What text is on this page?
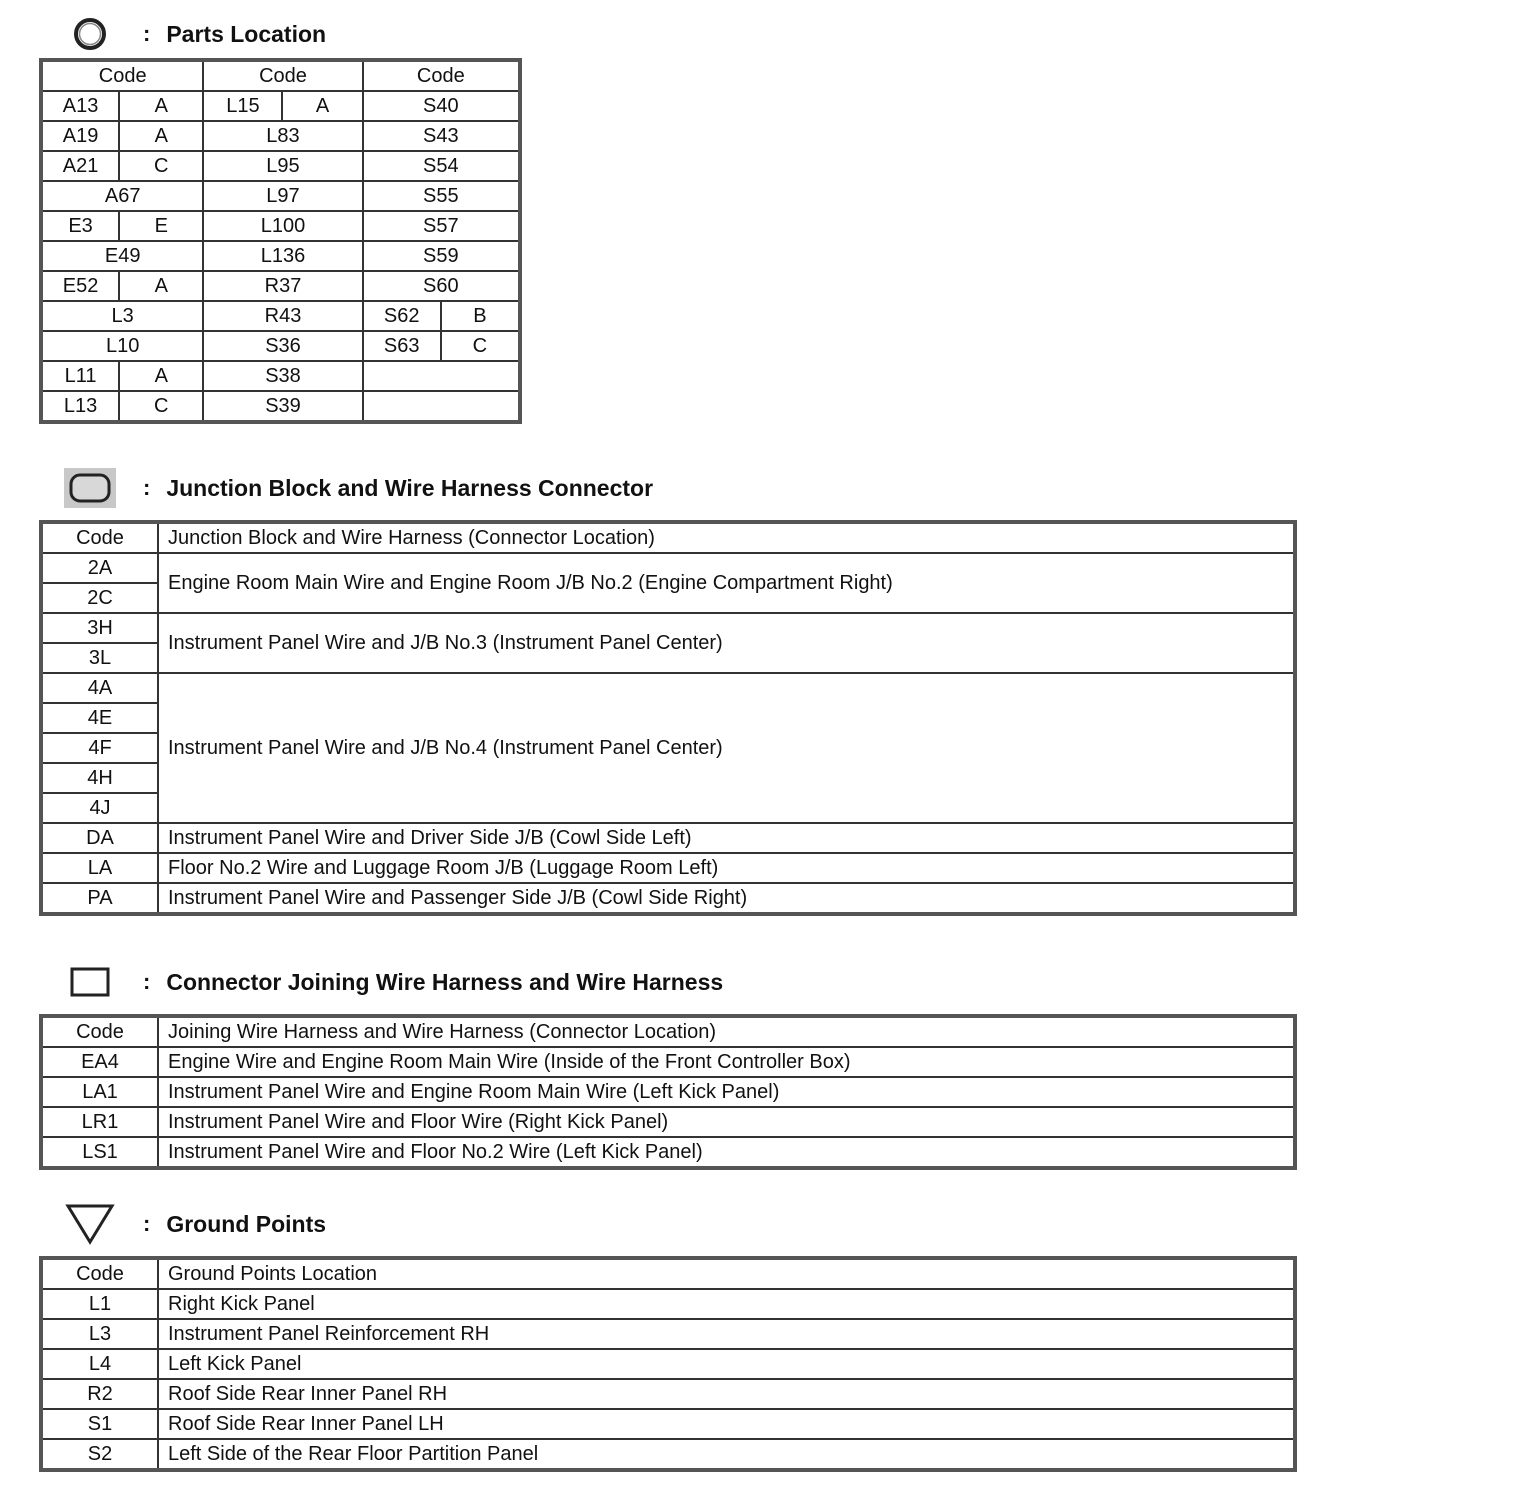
: Parts Location
Code		Code		Code	
A13	A	L15	A	S40	
A19	A	L83		S43	
A21	C	L95		S54	
A67		L97		S55	
E3	E	L100		S57	
E49		L136		S59	
E52	A	R37		S60	
L3		R43		S62	B
L10		S36		S63	C
L11	A	S38			
L13	C	S39			
: Junction Block and Wire Harness Connector
Code	Junction Block and Wire Harness (Connector Location)
2A	Engine Room Main Wire and Engine Room J/B No.2 (Engine Compartment Right)
2C	
3H	Instrument Panel Wire and J/B No.3 (Instrument Panel Center)
3L	
4A	Instrument Panel Wire and J/B No.4 (Instrument Panel Center)
4E	
4F	
4H	
4J	
DA	Instrument Panel Wire and Driver Side J/B (Cowl Side Left)
LA	Floor No.2 Wire and Luggage Room J/B (Luggage Room Left)
PA	Instrument Panel Wire and Passenger Side J/B (Cowl Side Right)
: Connector Joining Wire Harness and Wire Harness
Code	Joining Wire Harness and Wire Harness (Connector Location)
EA4	Engine Wire and Engine Room Main Wire (Inside of the Front Controller Box)
LA1	Instrument Panel Wire and Engine Room Main Wire (Left Kick Panel)
LR1	Instrument Panel Wire and Floor Wire (Right Kick Panel)
LS1	Instrument Panel Wire and Floor No.2 Wire (Left Kick Panel)
: Ground Points
Code	Ground Points Location
L1	Right Kick Panel
L3	Instrument Panel Reinforcement RH
L4	Left Kick Panel
R2	Roof Side Rear Inner Panel RH
S1	Roof Side Rear Inner Panel LH
S2	Left Side of the Rear Floor Partition Panel
